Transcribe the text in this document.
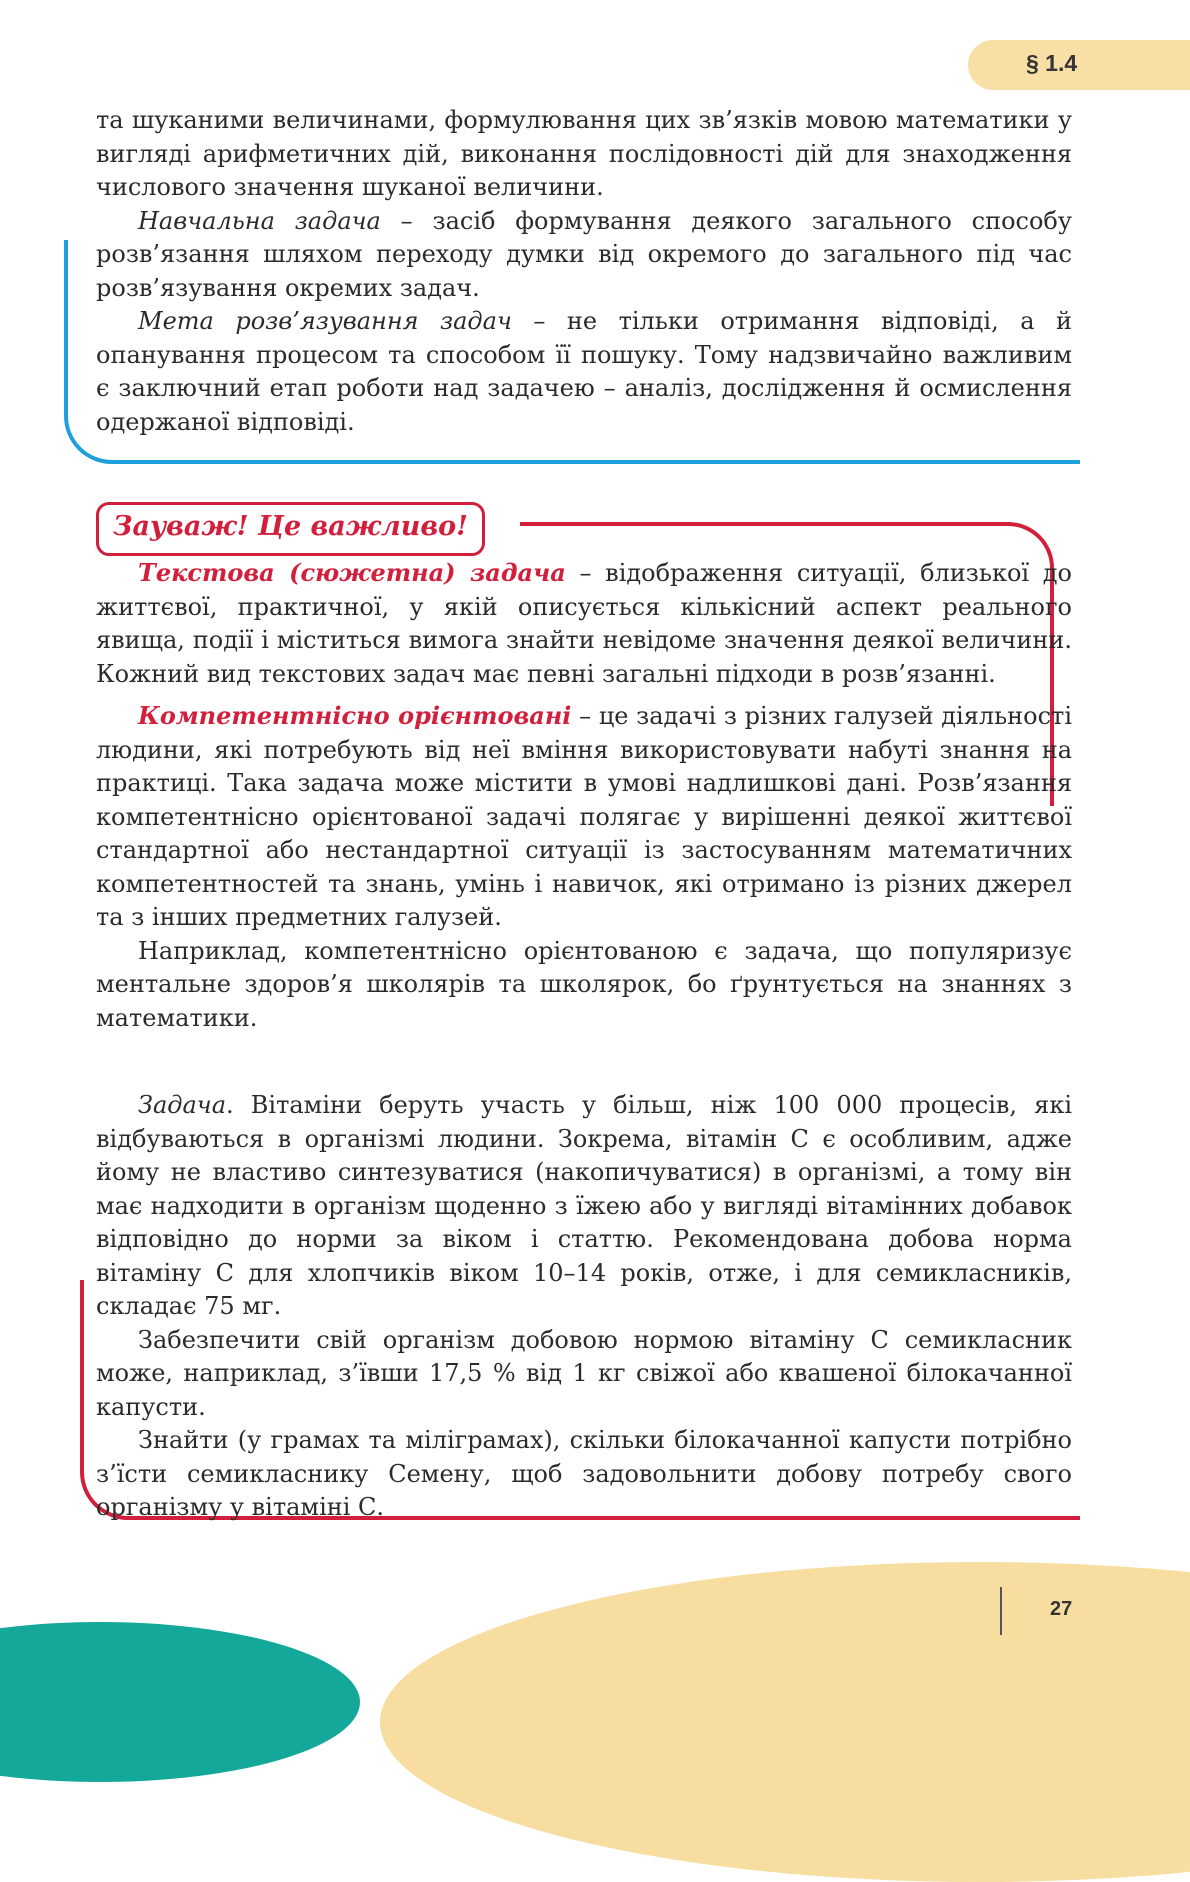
§ 1.4

та шуканими величинами, формулювання цих зв’язків мовою математики у вигляді арифметичних дій, виконання послідовності дій для знаходження числового значення шуканої величини.

Навчальна задача – засіб формування деякого загального способу розв’язання шляхом переходу думки від окремого до загального під час розв’язування окремих задач.

Мета розв’язування задач – не тільки отримання відповіді, а й опанування процесом та способом її пошуку. Тому надзвичайно важливим є заключний етап роботи над задачею – аналіз, дослідження й осмислення одержаної відповіді.

Зауваж! Це важливо!

Текстова (сюжетна) задача – відображення ситуації, близької до життєвої, практичної, у якій описується кількісний аспект реального явища, події і міститься вимога знайти невідоме значення деякої величини. Кожний вид текстових задач має певні загальні підходи в розв’язанні.

Компетентнісно орієнтовані – це задачі з різних галузей діяльності людини, які потребують від неї вміння використовувати набуті знання на практиці. Така задача може містити в умові надлишкові дані. Розв’язання компетентнісно орієнтованої задачі полягає у вирішенні деякої життєвої стандартної або нестандартної ситуації із застосуванням математичних компетентностей та знань, умінь і навичок, які отримано із різних джерел та з інших предметних галузей.

Наприклад, компетентнісно орієнтованою є задача, що популяризує ментальне здоров’я школярів та школярок, бо ґрунтується на знаннях з математики.

Задача. Вітаміни беруть участь у більш, ніж 100 000 процесів, які відбуваються в організмі людини. Зокрема, вітамін С є особливим, адже йому не властиво синтезуватися (накопичуватися) в організмі, а тому він має надходити в організм щоденно з їжею або у вигляді вітамінних добавок відповідно до норми за віком і статтю. Рекомендована добова норма вітаміну С для хлопчиків віком 10–14 років, отже, і для семикласників, складає 75 мг.

Забезпечити свій організм добовою нормою вітаміну С семикласник може, наприклад, з’ївши 17,5 % від 1 кг свіжої або квашеної білокачанної капусти.

Знайти (у грамах та міліграмах), скільки білокачанної капусти потрібно з’їсти семикласнику Семену, щоб задовольнити добову потребу свого організму у вітаміні С.

27
